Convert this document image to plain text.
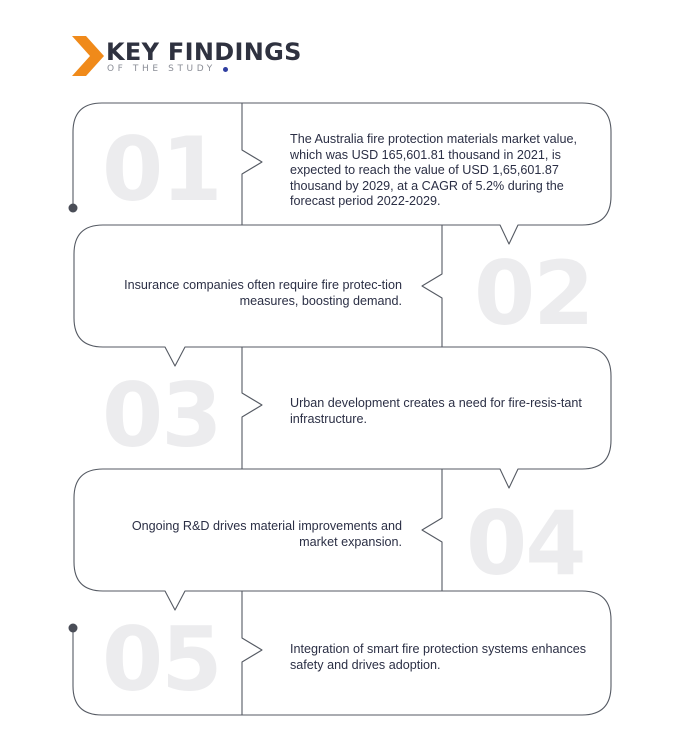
KEY FINDINGS
OF THE STUDY
01	The Australia fire protection materials market value, which was USD 165,601.81 thousand in 2021, is expected to reach the value of USD 1,65,601.87 thousand by 2029, at a CAGR of 5.2% during the forecast period 2022-2029.
02
Insurance companies often require fire protec-tion measures, boosting demand.
03	Urban development creates a need for fire-resis-tant infrastructure.
04
Ongoing R&D drives material improvements and market expansion.
05	Integration of smart fire protection systems enhances safety and drives adoption.
